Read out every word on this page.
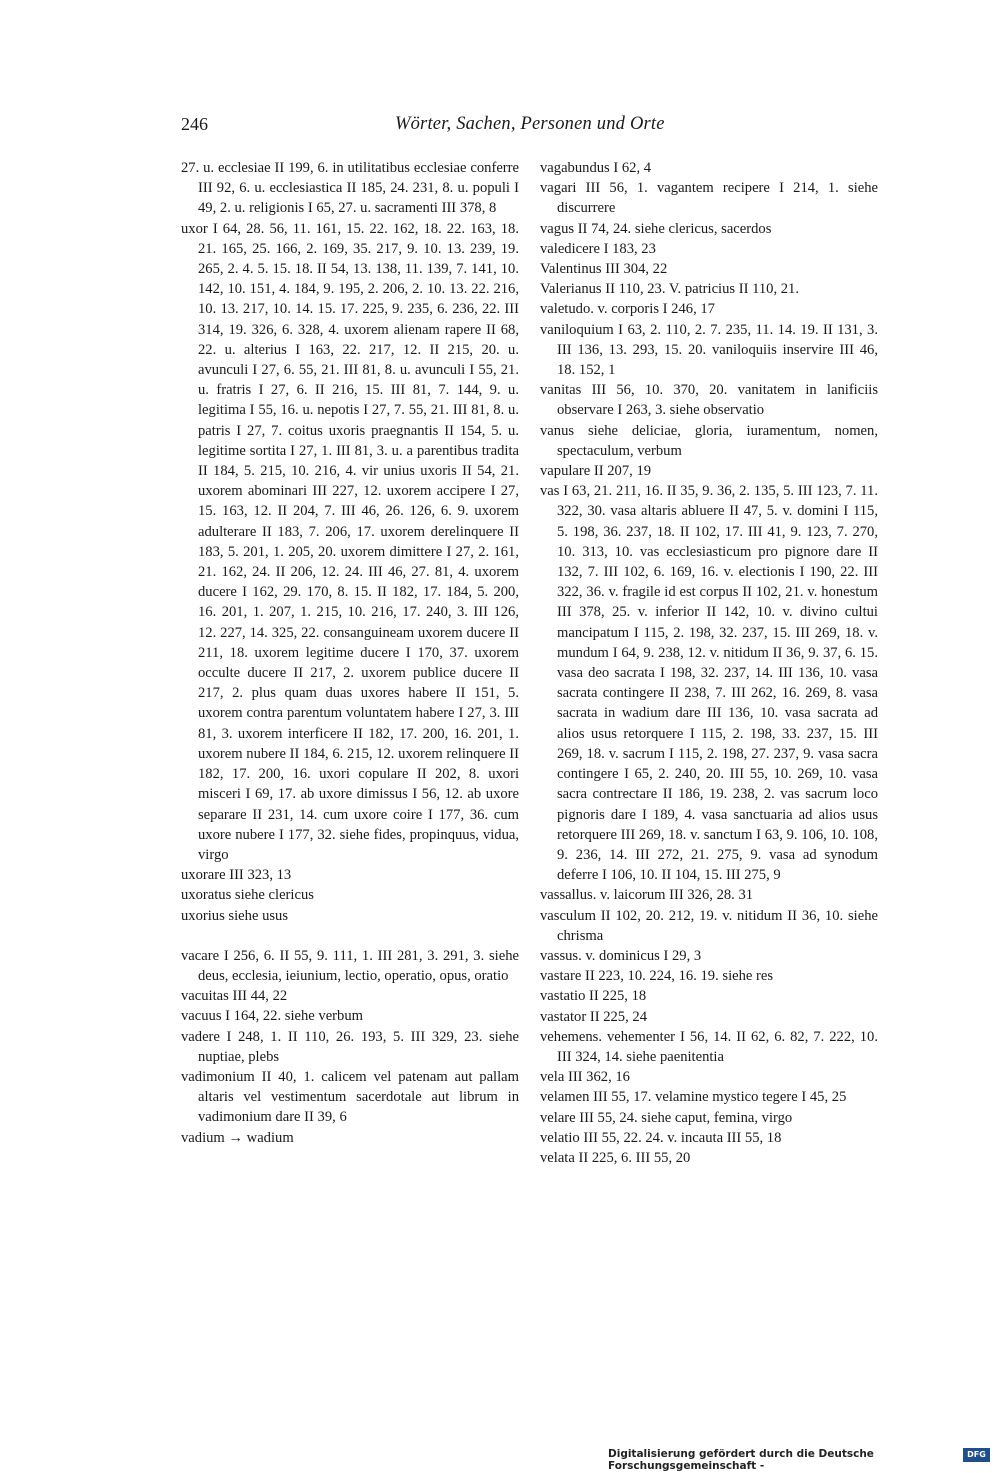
246	Wörter, Sachen, Personen und Orte
27. u. ecclesiae II 199, 6. in utilitatibus ecclesiae conferre III 92, 6. u. ecclesiastica II 185, 24. 231, 8. u. populi I 49, 2. u. religionis I 65, 27. u. sacramenti III 378, 8
uxor I 64, 28. 56, 11. 161, 15. 22. 162, 18. 22. 163, 18. 21. 165, 25. 166, 2. 169, 35. 217, 9. 10. 13. 239, 19. 265, 2. 4. 5. 15. 18. II 54, 13. 138, 11. 139, 7. 141, 10. 142, 10. 151, 4. 184, 9. 195, 2. 206, 2. 10. 13. 22. 216, 10. 13. 217, 10. 14. 15. 17. 225, 9. 235, 6. 236, 22. III 314, 19. 326, 6. 328, 4. uxorem alienam rapere II 68, 22. u. alterius I 163, 22. 217, 12. II 215, 20. u. avunculi I 27, 6. 55, 21. III 81, 8. u. avunculi I 55, 21. u. fratris I 27, 6. II 216, 15. III 81, 7. 144, 9. u. legitima I 55, 16. u. nepotis I 27, 7. 55, 21. III 81, 8. u. patris I 27, 7. coitus uxoris praegnantis II 154, 5. u. legitime sortita I 27, 1. III 81, 3. u. a parentibus tradita II 184, 5. 215, 10. 216, 4. vir unius uxoris II 54, 21. uxorem abominari III 227, 12. uxorem accipere I 27, 15. 163, 12. II 204, 7. III 46, 26. 126, 6. 9. uxorem adulterare II 183, 7. 206, 17. uxorem derelinquere II 183, 5. 201, 1. 205, 20. uxorem dimittere I 27, 2. 161, 21. 162, 24. II 206, 12. 24. III 46, 27. 81, 4. uxorem ducere I 162, 29. 170, 8. 15. II 182, 17. 184, 5. 200, 16. 201, 1. 207, 1. 215, 10. 216, 17. 240, 3. III 126, 12. 227, 14. 325, 22. consanguineam uxorem ducere II 211, 18. uxorem legitime ducere I 170, 37. uxorem occulte ducere II 217, 2. uxorem publice ducere II 217, 2. plus quam duas uxores habere II 151, 5. uxorem contra parentum voluntatem habere I 27, 3. III 81, 3. uxorem interficere II 182, 17. 200, 16. 201, 1. uxorem nubere II 184, 6. 215, 12. uxorem relinquere II 182, 17. 200, 16. uxori copulare II 202, 8. uxori misceri I 69, 17. ab uxore dimissus I 56, 12. ab uxore separare II 231, 14. cum uxore coire I 177, 36. cum uxore nubere I 177, 32. siehe fides, propinquus, vidua, virgo
uxorare III 323, 13
uxoratus siehe clericus
uxorius siehe usus
vacare I 256, 6. II 55, 9. 111, 1. III 281, 3. 291, 3. siehe deus, ecclesia, ieiunium, lectio, operatio, opus, oratio
vacuitas III 44, 22
vacuus I 164, 22. siehe verbum
vadere I 248, 1. II 110, 26. 193, 5. III 329, 23. siehe nuptiae, plebs
vadimonium II 40, 1. calicem vel patenam aut pallam altaris vel vestimentum sacerdotale aut librum in vadimonium dare II 39, 6
vadium → wadium
vagabundus I 62, 4
vagari III 56, 1. vagantem recipere I 214, 1. siehe discurrere
vagus II 74, 24. siehe clericus, sacerdos
valedicere I 183, 23
Valentinus III 304, 22
Valerianus II 110, 23. V. patricius II 110, 21.
valetudo. v. corporis I 246, 17
vaniloquium I 63, 2. 110, 2. 7. 235, 11. 14. 19. II 131, 3. III 136, 13. 293, 15. 20. vaniloquiis inservire III 46, 18. 152, 1
vanitas III 56, 10. 370, 20. vanitatem in lanificiis observare I 263, 3. siehe observatio
vanus siehe deliciae, gloria, iuramentum, nomen, spectaculum, verbum
vapulare II 207, 19
vas I 63, 21. 211, 16. II 35, 9. 36, 2. 135, 5. III 123, 7. 11. 322, 30. vasa altaris abluere II 47, 5. v. domini I 115, 5. 198, 36. 237, 18. II 102, 17. III 41, 9. 123, 7. 270, 10. 313, 10. vas ecclesiasticum pro pignore dare II 132, 7. III 102, 6. 169, 16. v. electionis I 190, 22. III 322, 36. v. fragile id est corpus II 102, 21. v. honestum III 378, 25. v. inferior II 142, 10. v. divino cultui mancipatum I 115, 2. 198, 32. 237, 15. III 269, 18. v. mundum I 64, 9. 238, 12. v. nitidum II 36, 9. 37, 6. 15. vasa deo sacrata I 198, 32. 237, 14. III 136, 10. vasa sacrata contingere II 238, 7. III 262, 16. 269, 8. vasa sacrata in wadium dare III 136, 10. vasa sacrata ad alios usus retorquere I 115, 2. 198, 33. 237, 15. III 269, 18. v. sacrum I 115, 2. 198, 27. 237, 9. vasa sacra contingere I 65, 2. 240, 20. III 55, 10. 269, 10. vasa sacra contrectare II 186, 19. 238, 2. vas sacrum loco pignoris dare I 189, 4. vasa sanctuaria ad alios usus retorquere III 269, 18. v. sanctum I 63, 9. 106, 10. 108, 9. 236, 14. III 272, 21. 275, 9. vasa ad synodum deferre I 106, 10. II 104, 15. III 275, 9
vassallus. v. laicorum III 326, 28. 31
vasculum II 102, 20. 212, 19. v. nitidum II 36, 10. siehe chrisma
vassus. v. dominicus I 29, 3
vastare II 223, 10. 224, 16. 19. siehe res
vastatio II 225, 18
vastator II 225, 24
vehemens. vehementer I 56, 14. II 62, 6. 82, 7. 222, 10. III 324, 14. siehe paenitentia
vela III 362, 16
velamen III 55, 17. velamine mystico tegere I 45, 25
velare III 55, 24. siehe caput, femina, virgo
velatio III 55, 22. 24. v. incauta III 55, 18
velata II 225, 6. III 55, 20
Digitalisierung gefördert durch die Deutsche Forschungsgemeinschaft -
DFG
